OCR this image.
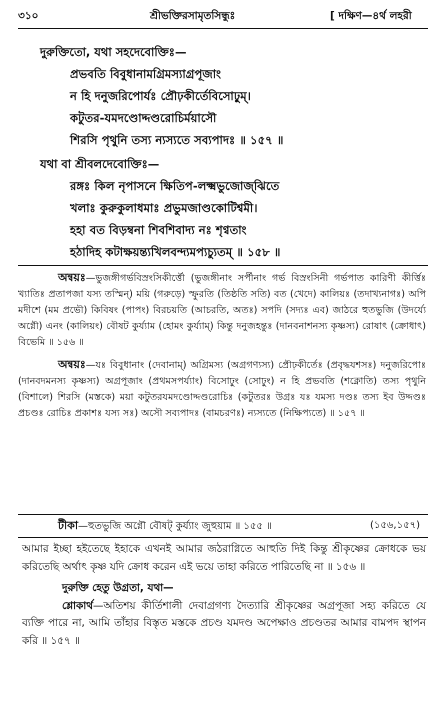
৩১০	শ্রীভক্তিরসামৃতসিন্ধুঃ	[ দক্ষিণ—৪র্থ লহরী
দুরুক্তিতো, যথা সহদেবোক্তিঃ—
প্রভবতি বিবুধানামগ্রিমস্যাগ্রপূজাং
ন হি দনুজরিপোর্যঃ প্রৌঢ়কীর্তেবিসোঢ়ুম্।
কটুতর-যমদণ্ডোদ্দণ্ডরোচির্ময়াসৌ
শিরসি পৃথুনি তস্য ন্যস্যতে সব্যপাদঃ ॥ ১৫৭ ॥
যথা বা শ্রীবলদেবোক্তিঃ—
রঙ্গঃ কিল নৃপাসনে ক্ষিতিপ-লক্ষ্মভুজোজ্‌ঝিতে
খলাঃ কুরুকুলাধমাঃ প্রভুমজাণ্ডকোটিশ্বমী।
হহা বত বিড়ম্বনা শিবশিবাদ্য নঃ শৃণ্বতাং
হঠাদিহ কটাক্ষয়ন্ত্যখিলবন্দ্যমপ্যচ্যুতম্ ॥ ১৫৮ ॥

অন্বয়ঃ—ভুজঙ্গীগর্ভবিস্রংসিকীর্ত্তৌ (ভুজঙ্গীনাং সর্পীনাং গর্ভ বিস্রংসিনী গর্ভপাত কারিণী কীর্ত্তিঃ খ্যাতিঃ প্রতাপজা যস্য তস্মিন্‌) ময়ি (গরুড়ে) স্ফুরতি (তিষ্ঠতি সতি) বত (খেদে) কালিয়ঃ (তদাখ্যনাগঃ) অপি মদীশে (মম প্রভৌ) কিবিষং (পাপং) বিরচয়তি (আচরতি, অতঃ) সপদি (সদ্যঃ এব) জাঠরে হুতভুজি (উদর্য্যে অগ্নৌ) এনং (কালিয়ং) বৌষট কুর্য্যাম (হোমং কুর্য্যাম্) কিন্তু দনুজহন্তুঃ (দানবনাশনস্য কৃষ্ণস্য) রোষাৎ (ক্রোধাৎ) বিভেমি ॥ ১৫৬ ॥

অন্বয়ঃ—যঃ বিবুধানাং (দেবানাম্) অগ্রিমস্য (অগ্রগণ্যস্য) প্রৌঢ়কীর্তেঃ (প্রবৃদ্ধযশসঃ) দনুজরিপোঃ (দানবদমনস্য কৃষ্ণস্য) অগ্রপূজাং (প্রথমসপর্য্যাং) বিসোঢ়ুং (সোঢ়ুং) ন হি প্রভবতি (শক্নোতি) তস্য পৃথুনি (বিশালে) শিরসি (মস্তকে) ময়া কটুতরযমদণ্ডোদ্দণ্ডরোচিঃ (কটুতরঃ উগ্রঃ যঃ যমস্য দণ্ডঃ তস্য ইব উদ্দণ্ডঃ প্রচণ্ডঃ রোচিঃ প্রকাশঃ যস্য সঃ) অসৌ সব্যপাদঃ (বামচরণঃ) ন্যস্যতে (নিক্ষিপ্যতে) ॥ ১৫৭ ॥

টীকা—হুতভুজি অগ্নৌ বৌষট্‌ কুর্য্যাং জুহুয়াম ॥ ১৫৫ ॥	(১৫৬,১৫৭)

আমার ইচ্ছা হইতেছে ইহাকে এখনই আমার জঠরাগ্নিতে আহুতি দিই কিন্তু শ্রীকৃষ্ণের ক্রোধকে ভয় করিতেছি অর্থাৎ কৃষ্ণ যদি ক্রোধ করেন এই ভয়ে তাহা করিতে পারিতেছি না ॥ ১৫৬ ॥

দুরুক্তি হেতু উগ্রতা, যথা—

শ্লোকার্থ—অতিশয় কীর্তিশালী দেবাগ্রগণ্য দৈত্যারি শ্রীকৃষ্ণের অগ্রপূজা সহ্য করিতে যে ব্যক্তি পারে না, আমি তাঁহার বিস্তৃত মস্তকে প্রচণ্ড যমদণ্ড অপেক্ষাও প্রচণ্ডতর আমার বামপদ স্থাপন করি ॥ ১৫৭ ॥
